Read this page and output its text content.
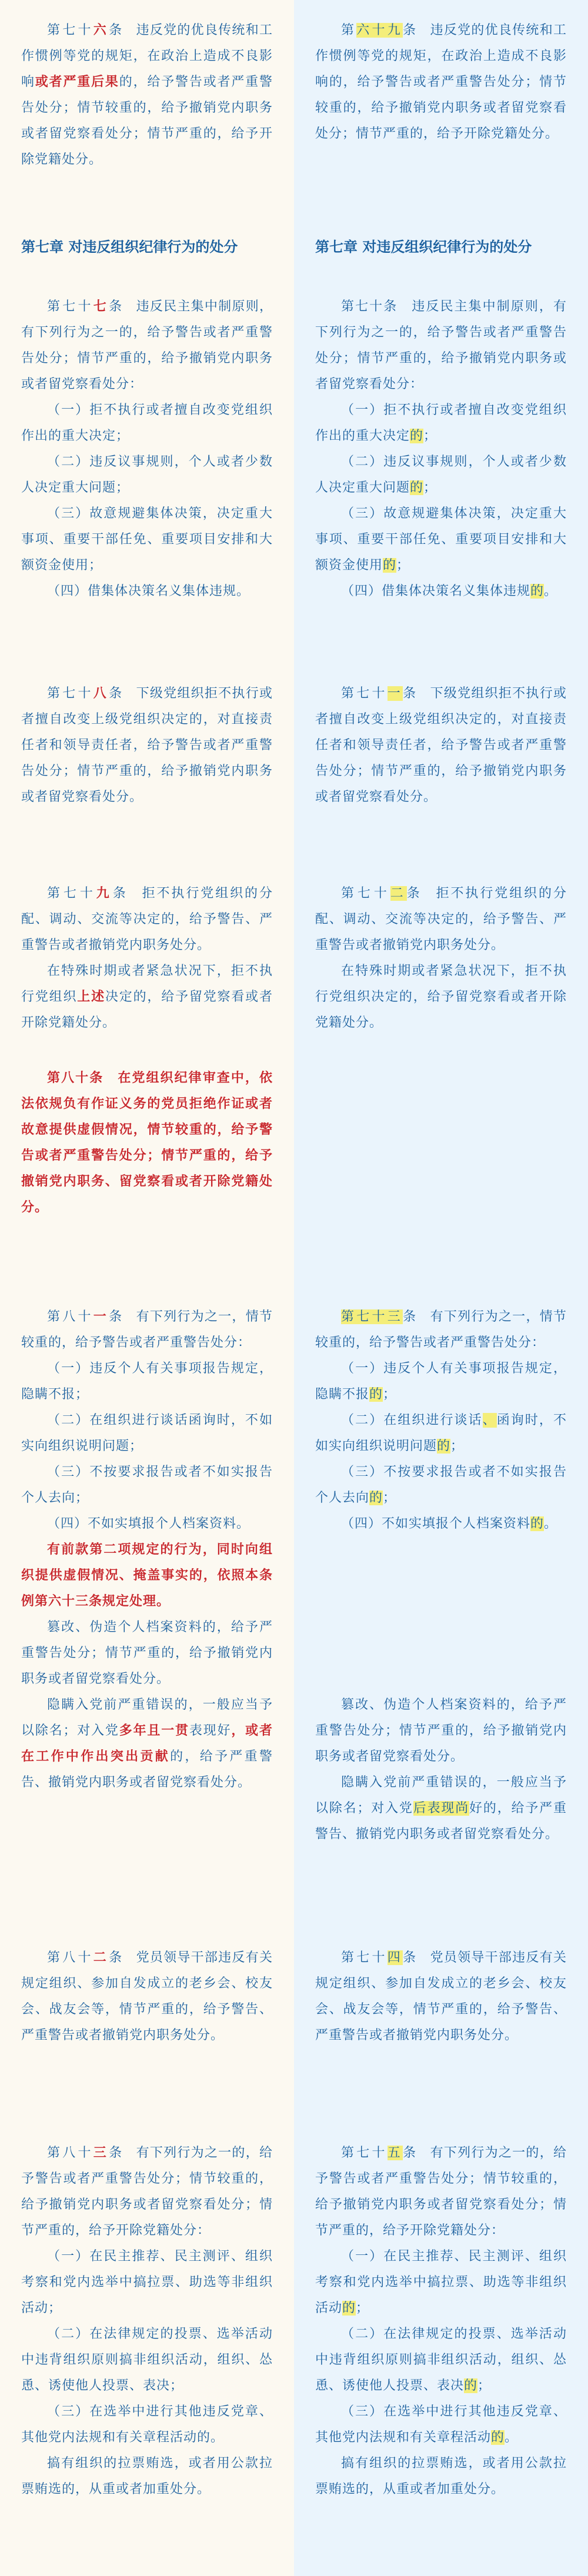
第七十六条　违反党的优良传统和工作惯例等党的规矩，在政治上造成不良影响或者严重后果的，给予警告或者严重警告处分；情节较重的，给予撤销党内职务或者留党察看处分；情节严重的，给予开除党籍处分。

第七章 对违反组织纪律行为的处分

第七十七条　违反民主集中制原则，有下列行为之一的，给予警告或者严重警告处分；情节严重的，给予撤销党内职务或者留党察看处分：

（一）拒不执行或者擅自改变党组织作出的重大决定；

（二）违反议事规则，个人或者少数人决定重大问题；

（三）故意规避集体决策，决定重大事项、重要干部任免、重要项目安排和大额资金使用；

（四）借集体决策名义集体违规。

第七十八条　下级党组织拒不执行或者擅自改变上级党组织决定的，对直接责任者和领导责任者，给予警告或者严重警告处分；情节严重的，给予撤销党内职务或者留党察看处分。

第七十九条　拒不执行党组织的分配、调动、交流等决定的，给予警告、严重警告或者撤销党内职务处分。

在特殊时期或者紧急状况下，拒不执行党组织上述决定的，给予留党察看或者开除党籍处分。

第八十条　在党组织纪律审查中，依法依规负有作证义务的党员拒绝作证或者故意提供虚假情况，情节较重的，给予警告或者严重警告处分；情节严重的，给予撤销党内职务、留党察看或者开除党籍处分。

第八十一条　有下列行为之一，情节较重的，给予警告或者严重警告处分：

（一）违反个人有关事项报告规定，隐瞒不报；

（二）在组织进行谈话函询时，不如实向组织说明问题；

（三）不按要求报告或者不如实报告个人去向；

（四）不如实填报个人档案资料。

有前款第二项规定的行为，同时向组织提供虚假情况、掩盖事实的，依照本条例第六十三条规定处理。

篡改、伪造个人档案资料的，给予严重警告处分；情节严重的，给予撤销党内职务或者留党察看处分。

隐瞒入党前严重错误的，一般应当予以除名；对入党多年且一贯表现好，或者在工作中作出突出贡献的，给予严重警告、撤销党内职务或者留党察看处分。

第八十二条　党员领导干部违反有关规定组织、参加自发成立的老乡会、校友会、战友会等，情节严重的，给予警告、严重警告或者撤销党内职务处分。

第八十三条　有下列行为之一的，给予警告或者严重警告处分；情节较重的，给予撤销党内职务或者留党察看处分；情节严重的，给予开除党籍处分：

（一）在民主推荐、民主测评、组织考察和党内选举中搞拉票、助选等非组织活动；

（二）在法律规定的投票、选举活动中违背组织原则搞非组织活动，组织、怂恿、诱使他人投票、表决；

（三）在选举中进行其他违反党章、其他党内法规和有关章程活动的。

搞有组织的拉票贿选，或者用公款拉票贿选的，从重或者加重处分。

第六十九条　违反党的优良传统和工作惯例等党的规矩，在政治上造成不良影响的，给予警告或者严重警告处分；情节较重的，给予撤销党内职务或者留党察看处分；情节严重的，给予开除党籍处分。

第七章 对违反组织纪律行为的处分

第七十条　违反民主集中制原则，有下列行为之一的，给予警告或者严重警告处分；情节严重的，给予撤销党内职务或者留党察看处分：

（一）拒不执行或者擅自改变党组织作出的重大决定的；

（二）违反议事规则，个人或者少数人决定重大问题的；

（三）故意规避集体决策，决定重大事项、重要干部任免、重要项目安排和大额资金使用的；

（四）借集体决策名义集体违规的。

第七十一条　下级党组织拒不执行或者擅自改变上级党组织决定的，对直接责任者和领导责任者，给予警告或者严重警告处分；情节严重的，给予撤销党内职务或者留党察看处分。

第七十二条　拒不执行党组织的分配、调动、交流等决定的，给予警告、严重警告或者撤销党内职务处分。

在特殊时期或者紧急状况下，拒不执行党组织决定的，给予留党察看或者开除党籍处分。

第七十三条　有下列行为之一，情节较重的，给予警告或者严重警告处分：

（一）违反个人有关事项报告规定，隐瞒不报的；

（二）在组织进行谈话、函询时，不如实向组织说明问题的；

（三）不按要求报告或者不如实报告个人去向的；

（四）不如实填报个人档案资料的。

篡改、伪造个人档案资料的，给予严重警告处分；情节严重的，给予撤销党内职务或者留党察看处分。

隐瞒入党前严重错误的，一般应当予以除名；对入党后表现尚好的，给予严重警告、撤销党内职务或者留党察看处分。

第七十四条　党员领导干部违反有关规定组织、参加自发成立的老乡会、校友会、战友会等，情节严重的，给予警告、严重警告或者撤销党内职务处分。

第七十五条　有下列行为之一的，给予警告或者严重警告处分；情节较重的，给予撤销党内职务或者留党察看处分；情节严重的，给予开除党籍处分：

（一）在民主推荐、民主测评、组织考察和党内选举中搞拉票、助选等非组织活动的；

（二）在法律规定的投票、选举活动中违背组织原则搞非组织活动，组织、怂恿、诱使他人投票、表决的；

（三）在选举中进行其他违反党章、其他党内法规和有关章程活动的。

搞有组织的拉票贿选，或者用公款拉票贿选的，从重或者加重处分。
